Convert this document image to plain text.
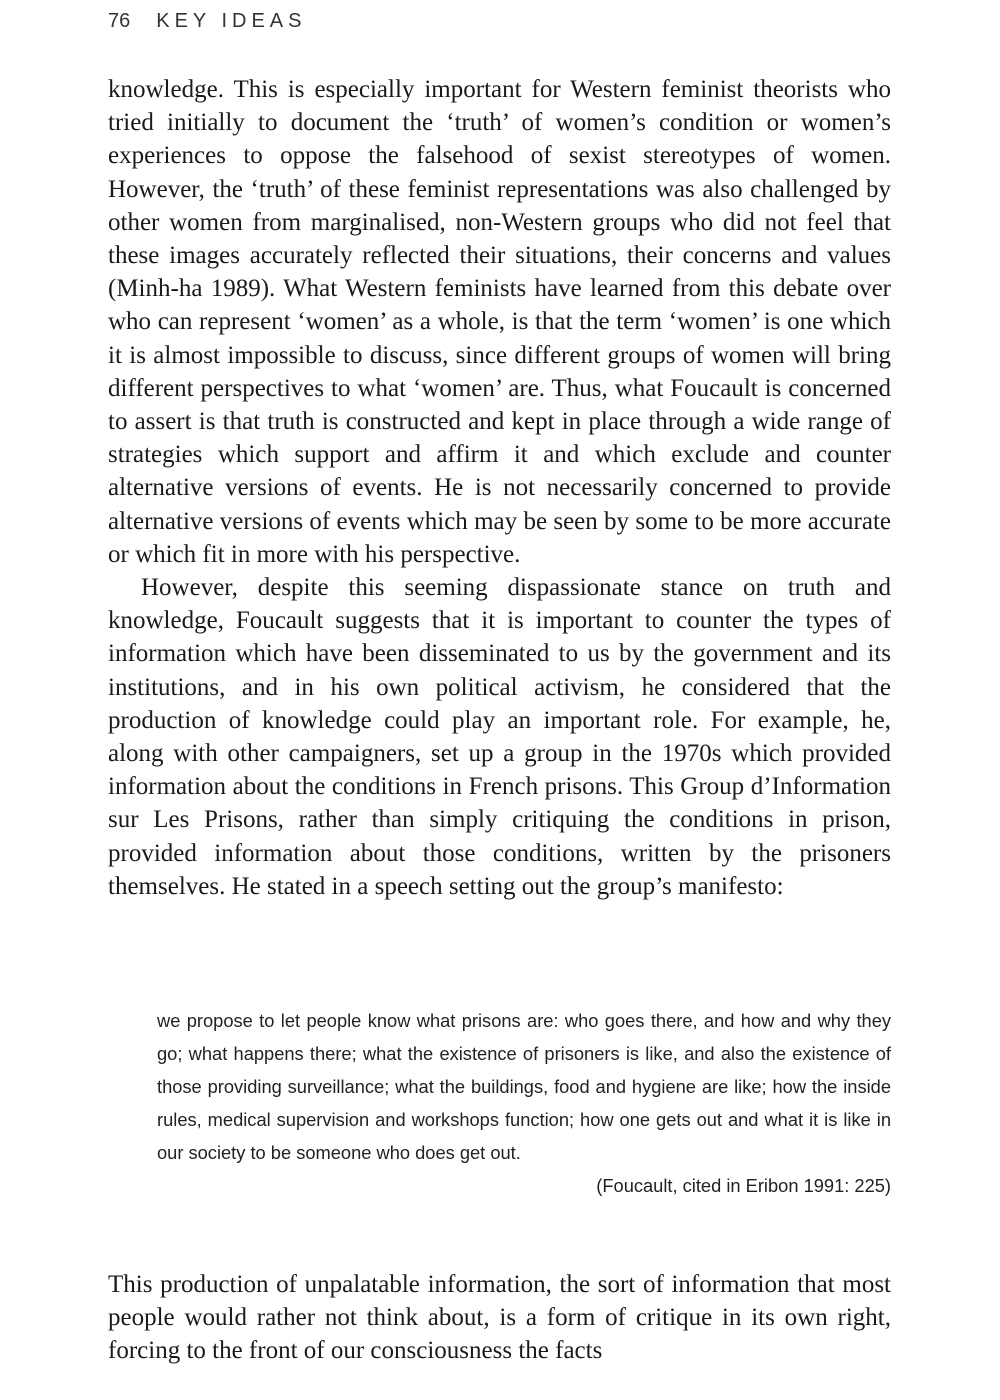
76 KEY IDEAS

knowledge. This is especially important for Western feminist theorists who tried initially to document the ‘truth’ of women’s condition or women’s experiences to oppose the falsehood of sexist stereotypes of women. However, the ‘truth’ of these feminist representations was also challenged by other women from marginalised, non-Western groups who did not feel that these images accurately reflected their situations, their concerns and values (Minh-ha 1989). What Western feminists have learned from this debate over who can represent ‘women’ as a whole, is that the term ‘women’ is one which it is almost impossible to discuss, since different groups of women will bring different perspectives to what ‘women’ are. Thus, what Foucault is concerned to assert is that truth is constructed and kept in place through a wide range of strategies which support and affirm it and which exclude and counter alternative versions of events. He is not necessarily concerned to provide alternative versions of events which may be seen by some to be more accurate or which fit in more with his perspective.

However, despite this seeming dispassionate stance on truth and knowledge, Foucault suggests that it is important to counter the types of information which have been disseminated to us by the government and its institutions, and in his own political activism, he considered that the production of knowledge could play an important role. For example, he, along with other campaigners, set up a group in the 1970s which provided information about the conditions in French prisons. This Group d’Information sur Les Prisons, rather than simply critiquing the conditions in prison, provided information about those conditions, written by the prisoners themselves. He stated in a speech setting out the group’s manifesto:

we propose to let people know what prisons are: who goes there, and how and why they go; what happens there; what the existence of prisoners is like, and also the existence of those providing surveillance; what the buildings, food and hygiene are like; how the inside rules, medical supervision and workshops function; how one gets out and what it is like in our society to be someone who does get out.

(Foucault, cited in Eribon 1991: 225)

This production of unpalatable information, the sort of information that most people would rather not think about, is a form of critique in its own right, forcing to the front of our consciousness the facts
